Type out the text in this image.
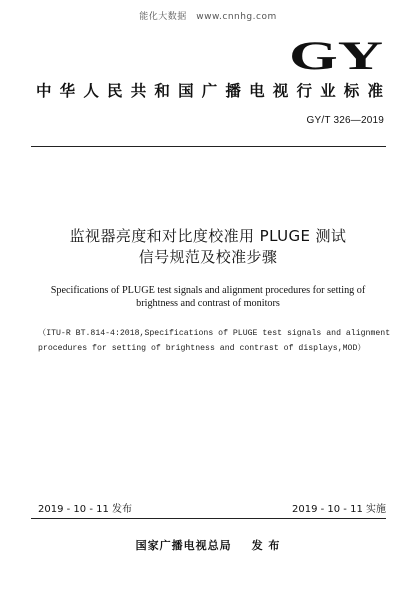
能化大数据　www.cnnhg.com
GY
中华人民共和国广播电视行业标准
GY/T 326—2019
监视器亮度和对比度校准用 PLUGE 测试
信号规范及校准步骤
Specifications of PLUGE test signals and alignment procedures for setting of
brightness and contrast of monitors
（ITU-R BT.814-4:2018,Specifications of PLUGE test signals and alignment
procedures for setting of brightness and contrast of displays,MOD）
2019 - 10 - 11 发布	2019 - 10 - 11 实施
国家广播电视总局 发 布
